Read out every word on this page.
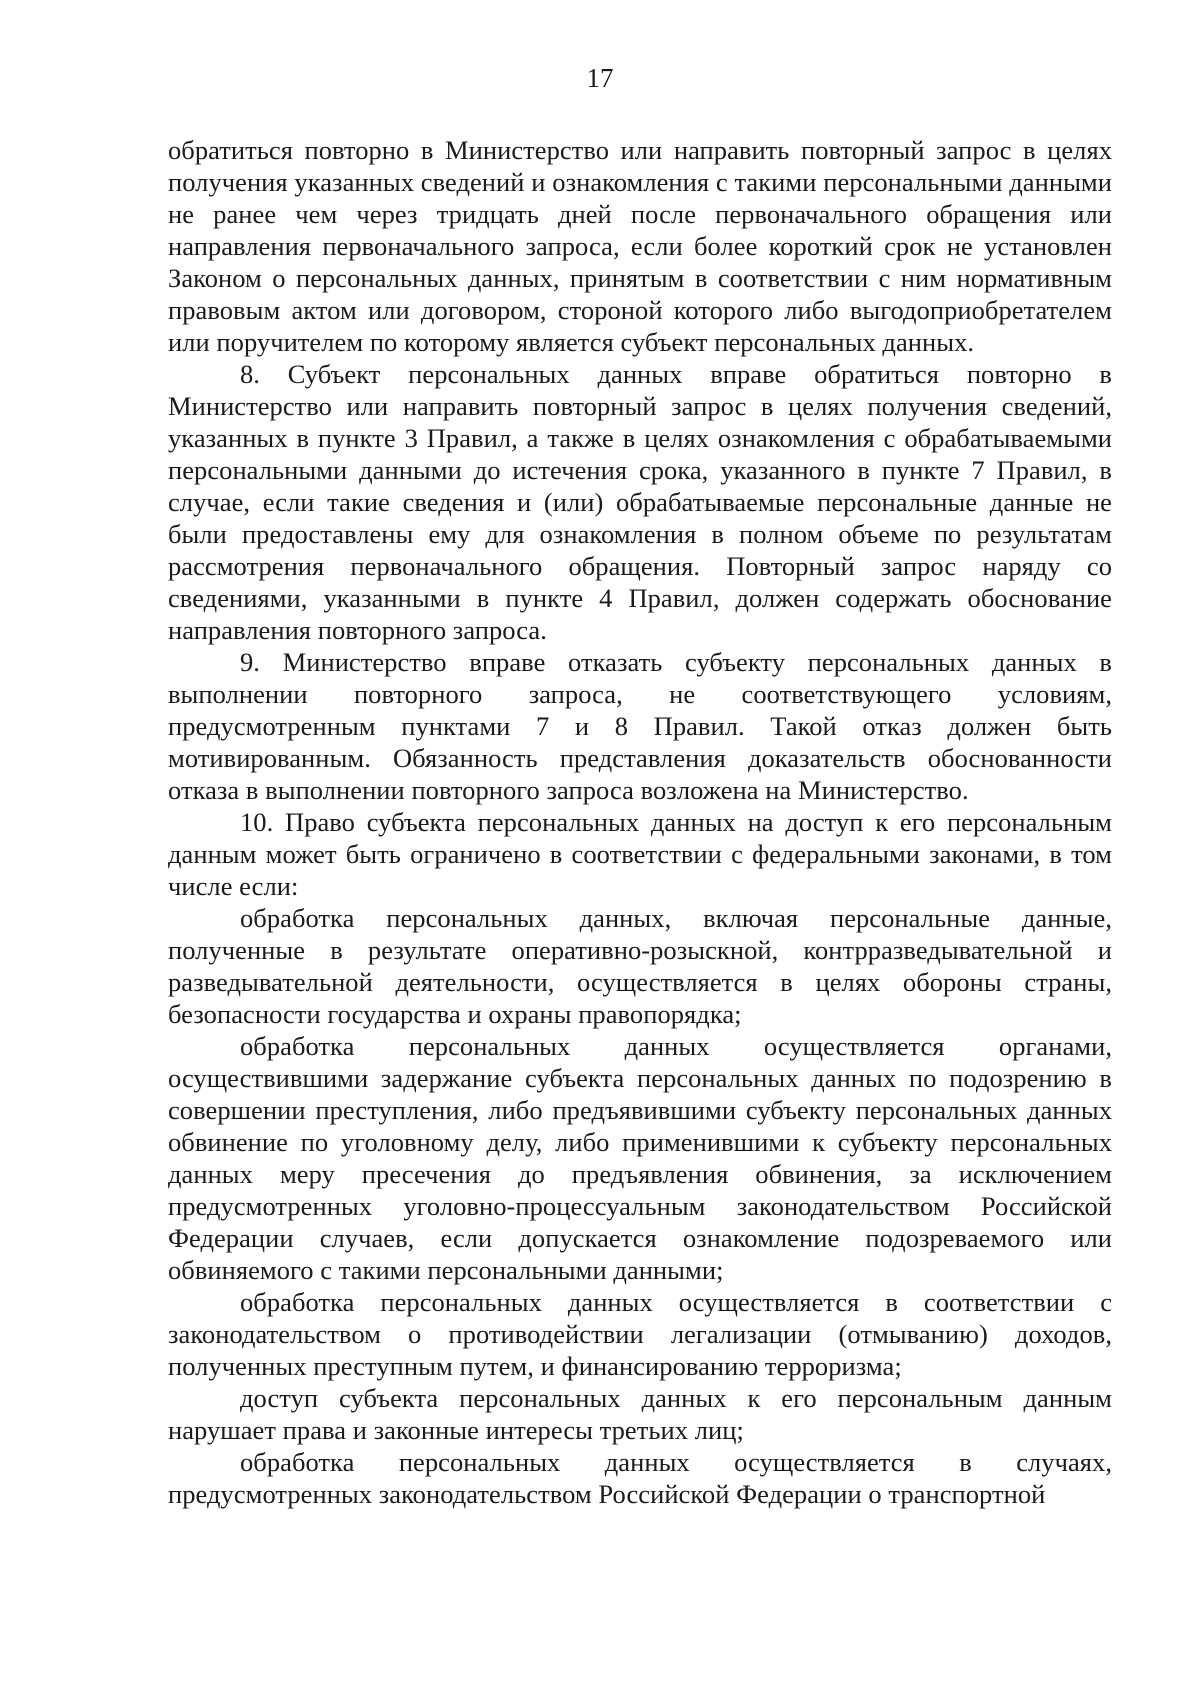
17

обратиться повторно в Министерство или направить повторный запрос в целях получения указанных сведений и ознакомления с такими персональными данными не ранее чем через тридцать дней после первоначального обращения или направления первоначального запроса, если более короткий срок не установлен Законом о персональных данных, принятым в соответствии с ним нормативным правовым актом или договором, стороной которого либо выгодоприобретателем или поручителем по которому является субъект персональных данных.

8. Субъект персональных данных вправе обратиться повторно в Министерство или направить повторный запрос в целях получения сведений, указанных в пункте 3 Правил, а также в целях ознакомления с обрабатываемыми персональными данными до истечения срока, указанного в пункте 7 Правил, в случае, если такие сведения и (или) обрабатываемые персональные данные не были предоставлены ему для ознакомления в полном объеме по результатам рассмотрения первоначального обращения. Повторный запрос наряду со сведениями, указанными в пункте 4 Правил, должен содержать обоснование направления повторного запроса.

9. Министерство вправе отказать субъекту персональных данных в выполнении повторного запроса, не соответствующего условиям, предусмотренным пунктами 7 и 8 Правил. Такой отказ должен быть мотивированным. Обязанность представления доказательств обоснованности отказа в выполнении повторного запроса возложена на Министерство.

10. Право субъекта персональных данных на доступ к его персональным данным может быть ограничено в соответствии с федеральными законами, в том числе если:

обработка персональных данных, включая персональные данные, полученные в результате оперативно-розыскной, контрразведывательной и разведывательной деятельности, осуществляется в целях обороны страны, безопасности государства и охраны правопорядка;

обработка персональных данных осуществляется органами, осуществившими задержание субъекта персональных данных по подозрению в совершении преступления, либо предъявившими субъекту персональных данных обвинение по уголовному делу, либо применившими к субъекту персональных данных меру пресечения до предъявления обвинения, за исключением предусмотренных уголовно-процессуальным законодательством Российской Федерации случаев, если допускается ознакомление подозреваемого или обвиняемого с такими персональными данными;

обработка персональных данных осуществляется в соответствии с законодательством о противодействии легализации (отмыванию) доходов, полученных преступным путем, и финансированию терроризма;

доступ субъекта персональных данных к его персональным данным нарушает права и законные интересы третьих лиц;

обработка персональных данных осуществляется в случаях, предусмотренных законодательством Российской Федерации о транспортной
